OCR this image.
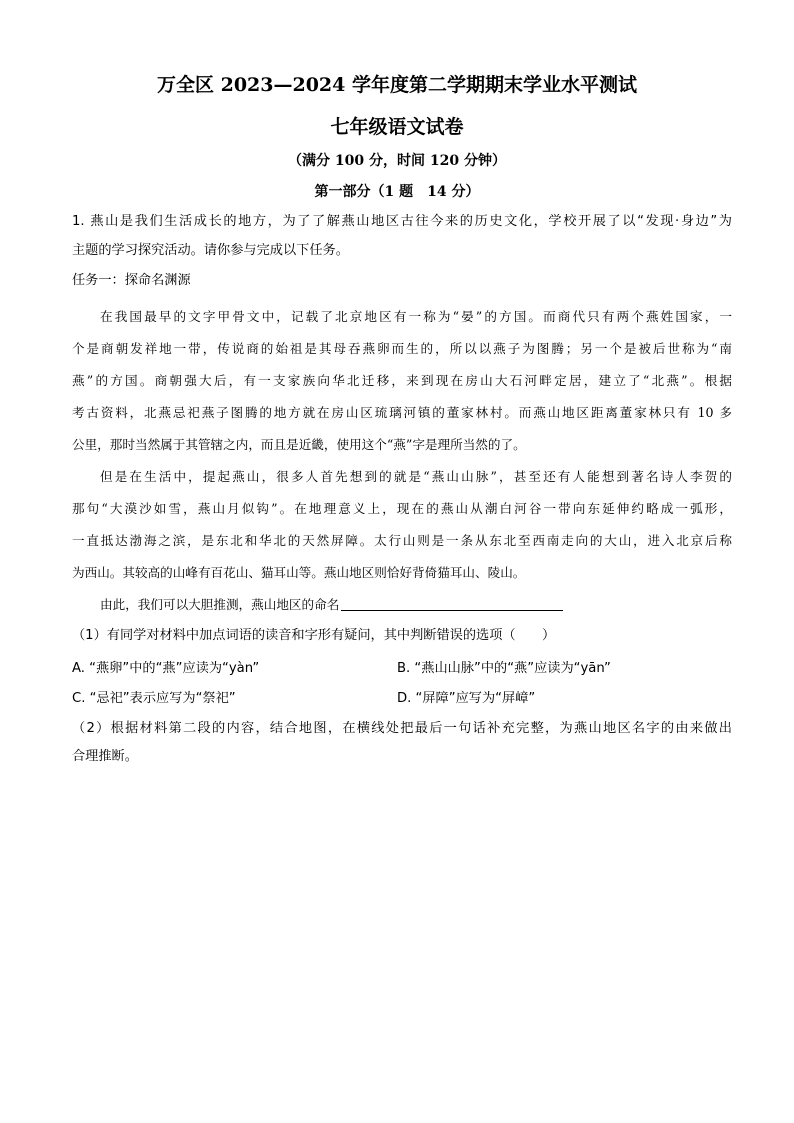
万全区 2023—2024 学年度第二学期期末学业水平测试
七年级语文试卷
（满分 100 分，时间 120 分钟）
第一部分（1 题　14 分）
1. 燕山是我们生活成长的地方，为了了解燕山地区古往今来的历史文化，学校开展了以“发现·身边”为
主题的学习探究活动。请你参与完成以下任务。
任务一：探命名渊源
在我国最早的文字甲骨文中，记载了北京地区有一称为“晏”的方国。而商代只有两个燕姓国家，一
个是商朝发祥地一带，传说商的始祖是其母吞燕卵而生的，所以以燕子为图腾；另一个是被后世称为“南
燕”的方国。商朝强大后，有一支家族向华北迁移，来到现在房山大石河畔定居，建立了“北燕”。根据
考古资料，北燕忌祀燕子图腾的地方就在房山区琉璃河镇的董家林村。而燕山地区距离董家林只有 10 多
公里，那时当然属于其管辖之内，而且是近畿，使用这个“燕”字是理所当然的了。
但是在生活中，提起燕山，很多人首先想到的就是“燕山山脉”，甚至还有人能想到著名诗人李贺的
那句“大漠沙如雪，燕山月似钩”。在地理意义上，现在的燕山从潮白河谷一带向东延伸约略成一弧形，
一直抵达渤海之滨，是东北和华北的天然屏障。太行山则是一条从东北至西南走向的大山，进入北京后称
为西山。其较高的山峰有百花山、猫耳山等。燕山地区则恰好背倚猫耳山、陵山。
由此，我们可以大胆推测，燕山地区的命名
（1）有同学对材料中加点词语的读音和字形有疑问，其中判断错误的选项（　　）
A. “燕卵”中的“燕”应读为“yàn”	B. “燕山山脉”中的“燕”应读为“yān”
C. “忌祀”表示应写为“祭祀”	D. “屏障”应写为“屏嶂”
（2）根据材料第二段的内容，结合地图，在横线处把最后一句话补充完整，为燕山地区名字的由来做出
合理推断。
